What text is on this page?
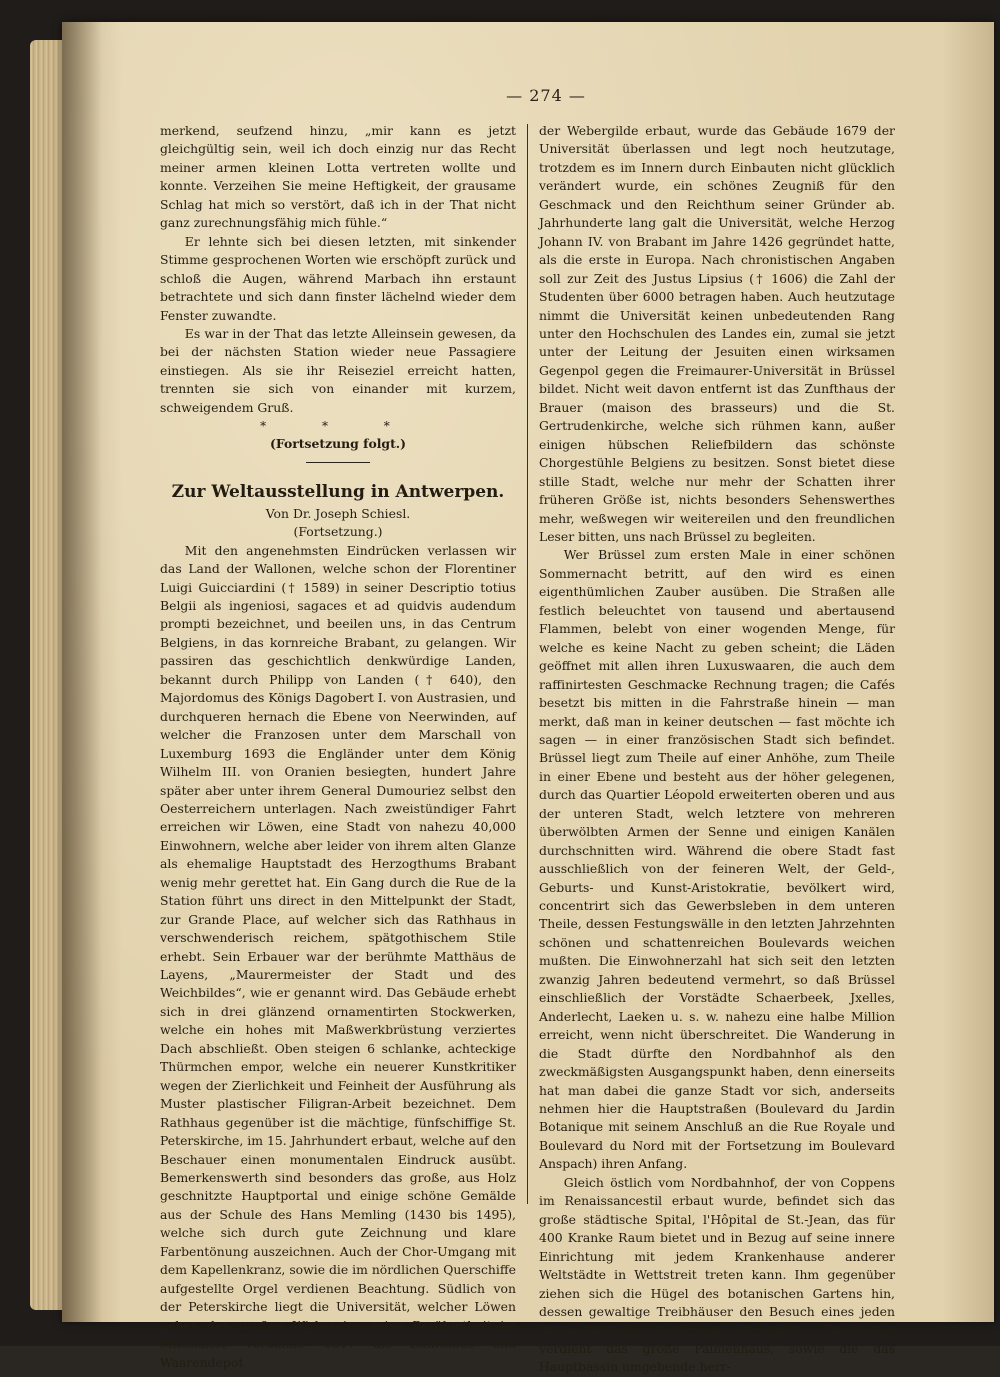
— 274 —

merkend, seufzend hinzu, „mir kann es jetzt gleichgültig sein, weil ich doch einzig nur das Recht meiner armen kleinen Lotta vertreten wollte und konnte. Verzeihen Sie meine Heftigkeit, der grausame Schlag hat mich so verstört, daß ich in der That nicht ganz zurechnungsfähig mich fühle.“

Er lehnte sich bei diesen letzten, mit sinkender Stimme gesprochenen Worten wie erschöpft zurück und schloß die Augen, während Marbach ihn erstaunt betrachtete und sich dann finster lächelnd wieder dem Fenster zuwandte.

Es war in der That das letzte Alleinsein gewesen, da bei der nächsten Station wieder neue Passagiere einstiegen. Als sie ihr Reiseziel erreicht hatten, trennten sie sich von einander mit kurzem, schweigendem Gruß.

* * *
(Fortsetzung folgt.)
Zur Weltausstellung in Antwerpen.
Von Dr. Joseph Schiesl.
(Fortsetzung.)

Mit den angenehmsten Eindrücken verlassen wir das Land der Wallonen, welche schon der Florentiner Luigi Guicciardini († 1589) in seiner Descriptio totius Belgii als ingeniosi, sagaces et ad quidvis audendum prompti bezeichnet, und beeilen uns, in das Centrum Belgiens, in das kornreiche Brabant, zu gelangen. Wir passiren das geschichtlich denkwürdige Landen, bekannt durch Philipp von Landen († 640), den Majordomus des Königs Dagobert I. von Austrasien, und durchqueren hernach die Ebene von Neerwinden, auf welcher die Franzosen unter dem Marschall von Luxemburg 1693 die Engländer unter dem König Wilhelm III. von Oranien besiegten, hundert Jahre später aber unter ihrem General Dumouriez selbst den Oesterreichern unterlagen. Nach zweistündiger Fahrt erreichen wir Löwen, eine Stadt von nahezu 40,000 Einwohnern, welche aber leider von ihrem alten Glanze als ehemalige Hauptstadt des Herzogthums Brabant wenig mehr gerettet hat. Ein Gang durch die Rue de la Station führt uns direct in den Mittelpunkt der Stadt, zur Grande Place, auf welcher sich das Rathhaus in verschwenderisch reichem, spätgothischem Stile erhebt. Sein Erbauer war der berühmte Matthäus de Layens, „Maurermeister der Stadt und des Weichbildes“, wie er genannt wird. Das Gebäude erhebt sich in drei glänzend ornamentirten Stockwerken, welche ein hohes mit Maßwerkbrüstung verziertes Dach abschließt. Oben steigen 6 schlanke, achteckige Thürmchen empor, welche ein neuerer Kunstkritiker wegen der Zierlichkeit und Feinheit der Ausführung als Muster plastischer Filigran-Arbeit bezeichnet. Dem Rathhaus gegenüber ist die mächtige, fünfschiffige St. Peterskirche, im 15. Jahrhundert erbaut, welche auf den Beschauer einen monumentalen Eindruck ausübt. Bemerkenswerth sind besonders das große, aus Holz geschnitzte Hauptportal und einige schöne Gemälde aus der Schule des Hans Memling (1430 bis 1495), welche sich durch gute Zeichnung und klare Farbentönung auszeichnen. Auch der Chor-Umgang mit dem Kapellenkranz, sowie die im nördlichen Querschiffe aufgestellte Orgel verdienen Beachtung. Südlich von der Peterskirche liegt die Universität, welcher Löwen neben den großen Wirkereien seine Berühmtheit im Mittelalter verdankt. 1317 als Zunfthaus und Waarendepot

der Webergilde erbaut, wurde das Gebäude 1679 der Universität überlassen und legt noch heutzutage, trotzdem es im Innern durch Einbauten nicht glücklich verändert wurde, ein schönes Zeugniß für den Geschmack und den Reichthum seiner Gründer ab. Jahrhunderte lang galt die Universität, welche Herzog Johann IV. von Brabant im Jahre 1426 gegründet hatte, als die erste in Europa. Nach chronistischen Angaben soll zur Zeit des Justus Lipsius († 1606) die Zahl der Studenten über 6000 betragen haben. Auch heutzutage nimmt die Universität keinen unbedeutenden Rang unter den Hochschulen des Landes ein, zumal sie jetzt unter der Leitung der Jesuiten einen wirksamen Gegenpol gegen die Freimaurer-Universität in Brüssel bildet. Nicht weit davon entfernt ist das Zunfthaus der Brauer (maison des brasseurs) und die St. Gertrudenkirche, welche sich rühmen kann, außer einigen hübschen Reliefbildern das schönste Chorgestühle Belgiens zu besitzen. Sonst bietet diese stille Stadt, welche nur mehr der Schatten ihrer früheren Größe ist, nichts besonders Sehenswerthes mehr, weßwegen wir weitereilen und den freundlichen Leser bitten, uns nach Brüssel zu begleiten.

Wer Brüssel zum ersten Male in einer schönen Sommernacht betritt, auf den wird es einen eigenthümlichen Zauber ausüben. Die Straßen alle festlich beleuchtet von tausend und abertausend Flammen, belebt von einer wogenden Menge, für welche es keine Nacht zu geben scheint; die Läden geöffnet mit allen ihren Luxuswaaren, die auch dem raffinirtesten Geschmacke Rechnung tragen; die Cafés besetzt bis mitten in die Fahrstraße hinein — man merkt, daß man in keiner deutschen — fast möchte ich sagen — in einer französischen Stadt sich befindet. Brüssel liegt zum Theile auf einer Anhöhe, zum Theile in einer Ebene und besteht aus der höher gelegenen, durch das Quartier Léopold erweiterten oberen und aus der unteren Stadt, welch letztere von mehreren überwölbten Armen der Senne und einigen Kanälen durchschnitten wird. Während die obere Stadt fast ausschließlich von der feineren Welt, der Geld-, Geburts- und Kunst-Aristokratie, bevölkert wird, concentrirt sich das Gewerbsleben in dem unteren Theile, dessen Festungswälle in den letzten Jahrzehnten schönen und schattenreichen Boulevards weichen mußten. Die Einwohnerzahl hat sich seit den letzten zwanzig Jahren bedeutend vermehrt, so daß Brüssel einschließlich der Vorstädte Schaerbeek, Jxelles, Anderlecht, Laeken u. s. w. nahezu eine halbe Million erreicht, wenn nicht überschreitet. Die Wanderung in die Stadt dürfte den Nordbahnhof als den zweckmäßigsten Ausgangspunkt haben, denn einerseits hat man dabei die ganze Stadt vor sich, anderseits nehmen hier die Hauptstraßen (Boulevard du Jardin Botanique mit seinem Anschluß an die Rue Royale und Boulevard du Nord mit der Fortsetzung im Boulevard Anspach) ihren Anfang.

Gleich östlich vom Nordbahnhof, der von Coppens im Renaissancestil erbaut wurde, befindet sich das große städtische Spital, l'Hôpital de St.-Jean, das für 400 Kranke Raum bietet und in Bezug auf seine innere Einrichtung mit jedem Krankenhause anderer Weltstädte in Wettstreit treten kann. Ihm gegenüber ziehen sich die Hügel des botanischen Gartens hin, dessen gewaltige Treibhäuser den Besuch eines jeden Blumenfreundes verdienen. Besondere Erwähnung verdient das große Palmenhaus, sowie die das Hauptbassin umgebende herr-
